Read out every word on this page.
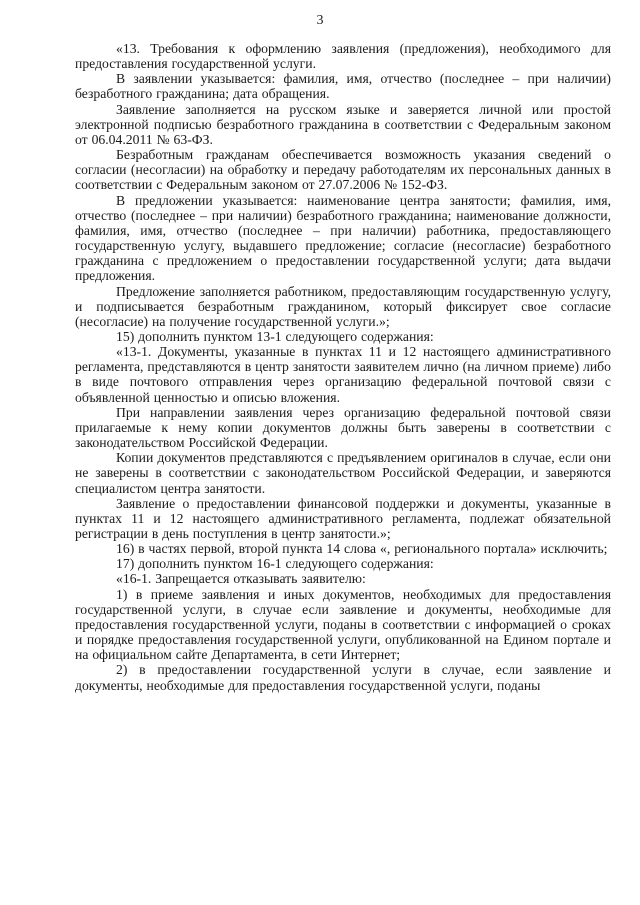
3

«13. Требования к оформлению заявления (предложения), необходимого для предоставления государственной услуги.

В заявлении указывается: фамилия, имя, отчество (последнее – при наличии) безработного гражданина; дата обращения.

Заявление заполняется на русском языке и заверяется личной или простой электронной подписью безработного гражданина в соответствии с Федеральным законом от 06.04.2011 № 63-ФЗ.

Безработным гражданам обеспечивается возможность указания сведений о согласии (несогласии) на обработку и передачу работодателям их персональных данных в соответствии с Федеральным законом от 27.07.2006 № 152-ФЗ.

В предложении указывается: наименование центра занятости; фамилия, имя, отчество (последнее – при наличии) безработного гражданина; наименование должности, фамилия, имя, отчество (последнее – при наличии) работника, предоставляющего государственную услугу, выдавшего предложение; согласие (несогласие) безработного гражданина с предложением о предоставлении государственной услуги; дата выдачи предложения.

Предложение заполняется работником, предоставляющим государственную услугу, и подписывается безработным гражданином, который фиксирует свое согласие (несогласие) на получение государственной услуги.»;

15) дополнить пунктом 13-1 следующего содержания:

«13-1. Документы, указанные в пунктах 11 и 12 настоящего административного регламента, представляются в центр занятости заявителем лично (на личном приеме) либо в виде почтового отправления через организацию федеральной почтовой связи с объявленной ценностью и описью вложения.

При направлении заявления через организацию федеральной почтовой связи прилагаемые к нему копии документов должны быть заверены в соответствии с законодательством Российской Федерации.

Копии документов представляются с предъявлением оригиналов в случае, если они не заверены в соответствии с законодательством Российской Федерации, и заверяются специалистом центра занятости.

Заявление о предоставлении финансовой поддержки и документы, указанные в пунктах 11 и 12 настоящего административного регламента, подлежат обязательной регистрации в день поступления в центр занятости.»;

16) в частях первой, второй пункта 14 слова «, регионального портала» исключить;

17) дополнить пунктом 16-1 следующего содержания:

«16-1. Запрещается отказывать заявителю:

1) в приеме заявления и иных документов, необходимых для предоставления государственной услуги, в случае если заявление и документы, необходимые для предоставления государственной услуги, поданы в соответствии с информацией о сроках и порядке предоставления государственной услуги, опубликованной на Едином портале и на официальном сайте Департамента, в сети Интернет;

2) в предоставлении государственной услуги в случае, если заявление и документы, необходимые для предоставления государственной услуги, поданы
